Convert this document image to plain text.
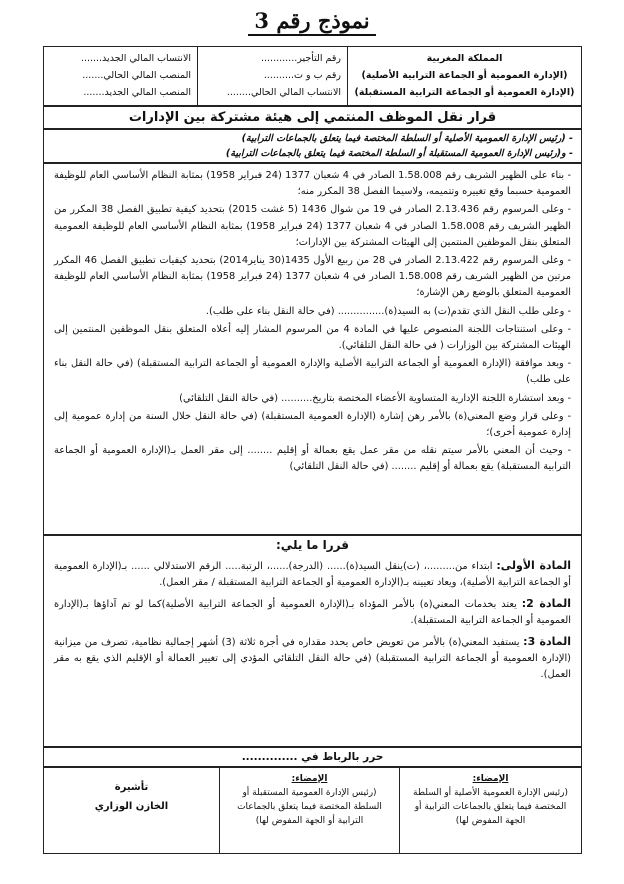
نموذج رقم 3
المملكة المغربية
(الإدارة العمومية أو الجماعة الترابية الأصلية)
(الإدارة العمومية أو الجماعة الترابية المستقبلة)
رقم التأجير............
رقم ب و ت..........
الانتساب المالي الحالي........
الانتساب المالي الجديد.......
المنصب المالي الحالي.......
المنصب المالي الجديد.......
قرار نقل الموظف المنتمي إلى هيئة مشتركة بين الإدارات
- (رئيس الإدارة العمومية الأصلية أو السلطة المختصة فيما يتعلق بالجماعات الترابية)
- و(رئيس الإدارة العمومية المستقبلة أو السلطة المختصة فيما يتعلق بالجماعات الترابية)

- بناء على الظهير الشريف رقم 1.58.008 الصادر في 4 شعبان 1377 (24 فبراير 1958) بمثابة النظام الأساسي العام للوظيفة العمومية حسبما وقع تغييره وتتميمه، ولاسيما الفصل 38 المكرر منه؛

- وعلى المرسوم رقم 2.13.436 الصادر في 19 من شوال 1436 (5 غشت 2015) بتحديد كيفية تطبيق الفصل 38 المكرر من الظهير الشريف رقم 1.58.008 الصادر في 4 شعبان 1377 (24 فبراير 1958) بمثابة النظام الأساسي العام للوظيفة العمومية المتعلق بنقل الموظفين المنتمين إلى الهيئات المشتركة بين الإدارات؛

- وعلى المرسوم رقم 2.13.422 الصادر في 28 من ربيع الأول 1435(30 يناير2014) بتحديد كيفيات تطبيق الفصل 46 المكرر مرتين من الظهير الشريف رقم 1.58.008 الصادر في 4 شعبان 1377 (24 فبراير 1958) بمثابة النظام الأساسي العام للوظيفة العمومية المتعلق بالوضع رهن الإشارة؛

- وعلى طلب النقل الذي تقدم(ت) به السيد(ة)............... (في حالة النقل بناء على طلب).

- وعلى استنتاجات اللجنة المنصوص عليها في المادة 4 من المرسوم المشار إليه أعلاه المتعلق بنقل الموظفين المنتمين إلى الهيئات المشتركة بين الوزارات ( في حالة النقل التلقائي).

- وبعد موافقة (الإدارة العمومية أو الجماعة الترابية الأصلية والإدارة العمومية أو الجماعة الترابية المستقبلة) (في حالة النقل بناء على طلب)

- وبعد استشارة اللجنة الإدارية المتساوية الأعضاء المختصة بتاريخ.......... (في حالة النقل التلقائي)

- وعلى قرار وضع المعني(ة) بالأمر رهن إشارة (الإدارة العمومية المستقبلة) (في حالة النقل خلال السنة من إدارة عمومية إلى إدارة عمومية أخرى)؛

- وحيث أن المعني بالأمر سيتم نقله من مقر عمل يقع بعمالة أو إقليم ........ إلى مقر العمل بـ(الإدارة العمومية أو الجماعة الترابية المستقبلة) يقع بعمالة أو إقليم ........ (في حالة النقل التلقائي)

قررا ما يلي:

المادة الأولى: ابتداء من.........، (ت)ينقل السيد(ة)...... (الدرجة)......، الرتبة..... الرقم الاستدلالي ...... بـ(الإدارة العمومية أو الجماعة الترابية الأصلية)، ويعاد تعيينه بـ(الإدارة العمومية أو الجماعة الترابية المستقبلة / مقر العمل).

المادة 2: يعتد بخدمات المعني(ة) بالأمر المؤداة بـ(الإدارة العمومية أو الجماعة الترابية الأصلية)كما لو تم آداؤها بـ(الإدارة العمومية أو الجماعة الترابية المستقبلة).

المادة 3: يستفيد المعني(ة) بالأمر من تعويض خاص يحدد مقداره في أجرة ثلاثة (3) أشهر إجمالية نظامية، تصرف من ميزانية (الإدارة العمومية أو الجماعة الترابية المستقبلة) (في حالة النقل التلقائي المؤدي إلى تغيير العمالة أو الإقليم الذي يقع به مقر العمل).

حرر بالرباط في ..............
الإمضاء:
(رئيس الإدارة العمومية الأصلية أو السلطة المختصة فيما يتعلق بالجماعات الترابية أو الجهة المفوض لها)
الإمضاء:
(رئيس الإدارة العمومية المستقبلة أو السلطة المختصة فيما يتعلق بالجماعات الترابية أو الجهة المفوض لها)
تأشيرة
الخازن الوزاري
